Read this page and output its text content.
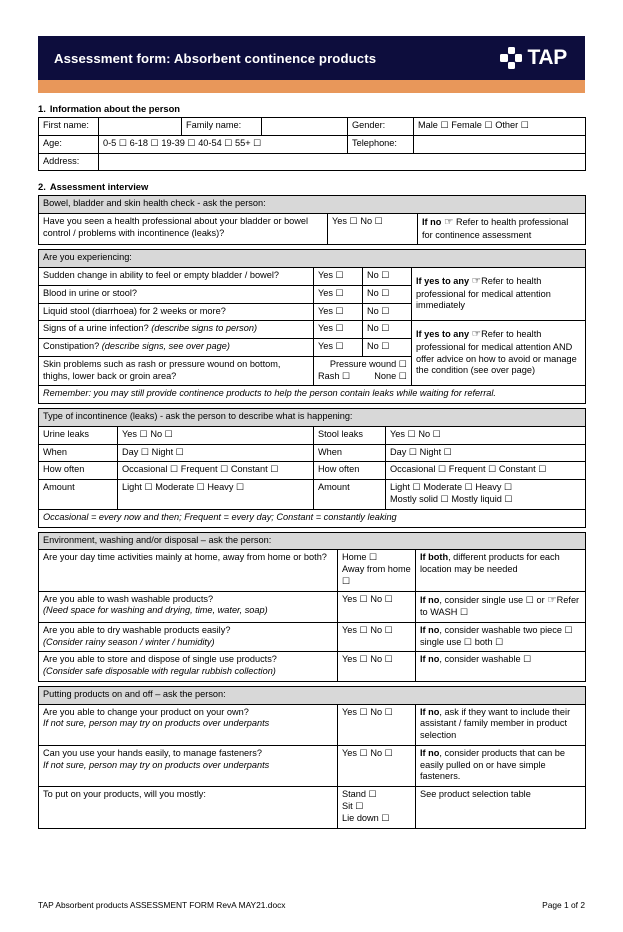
Assessment form: Absorbent continence products	TAP
1. Information about the person
First name:		Family name:		Gender:	Male ☐ Female ☐ Other ☐
Age:	0-5 ☐ 6-18 ☐ 19-39 ☐ 40-54 ☐ 55+ ☐			Telephone:	
Address:					
2. Assessment interview
Bowel, bladder and skin health check - ask the person:
Have you seen a health professional about your bladder or bowel control / problems with incontinence (leaks)?	Yes ☐ No ☐	If no ☞ Refer to health professional for continence assessment
Are you experiencing:			
Sudden change in ability to feel or empty bladder / bowel?	Yes ☐	No ☐	If yes to any ☞Refer to health professional for medical attention immediately
Blood in urine or stool?	Yes ☐	No ☐	
Liquid stool (diarrhoea) for 2 weeks or more?	Yes ☐	No ☐	
Signs of a urine infection? (describe signs to person)	Yes ☐	No ☐	If yes to any ☞Refer to health professional for medical attention AND offer advice on how to avoid or manage the condition (see over page)
Constipation? (describe signs, see over page)	Yes ☐	No ☐	
Skin problems such as rash or pressure wound on bottom, thighs, lower back or groin area?	Pressure wound ☐
Rash ☐ None ☐		

Remember: you may still provide continence products to help the person contain leaks while waiting for referral.			
Type of incontinence (leaks) - ask the person to describe what is happening:			
Urine leaks	Yes ☐ No ☐	Stool leaks	Yes ☐ No ☐
When	Day ☐ Night ☐	When	Day ☐ Night ☐
How often	Occasional ☐ Frequent ☐ Constant ☐	How often	Occasional ☐ Frequent ☐ Constant ☐
Amount	Light ☐ Moderate ☐ Heavy ☐	Amount	Light ☐ Moderate ☐ Heavy ☐
Mostly solid ☐ Mostly liquid ☐

Occasional = every now and then; Frequent = every day; Constant = constantly leaking			
Environment, washing and/or disposal – ask the person:		
Are your day time activities mainly at home, away from home or both?	Home ☐
Away from home ☐	If both, different products for each location may be needed

Are you able to wash washable products?
(Need space for washing and drying, time, water, soap)	Yes ☐ No ☐	If no, consider single use ☐ or ☞Refer to WASH ☐

Are you able to dry washable products easily?
(Consider rainy season / winter / humidity)	Yes ☐ No ☐	If no, consider washable two piece ☐ single use ☐ both ☐

Are you able to store and dispose of single use products?
(Consider safe disposable with regular rubbish collection)	Yes ☐ No ☐	If no, consider washable ☐
Putting products on and off – ask the person:		

Are you able to change your product on your own?
If not sure, person may try on products over underpants	Yes ☐ No ☐	If no, ask if they want to include their assistant / family member in product selection

Can you use your hands easily, to manage fasteners?
If not sure, person may try on products over underpants	Yes ☐ No ☐	If no, consider products that can be easily pulled on or have simple fasteners.
To put on your products, will you mostly:	Stand ☐
Sit ☐
Lie down ☐	See product selection table
TAP Absorbent products ASSESSMENT FORM RevA MAY21.docx	Page 1 of 2
